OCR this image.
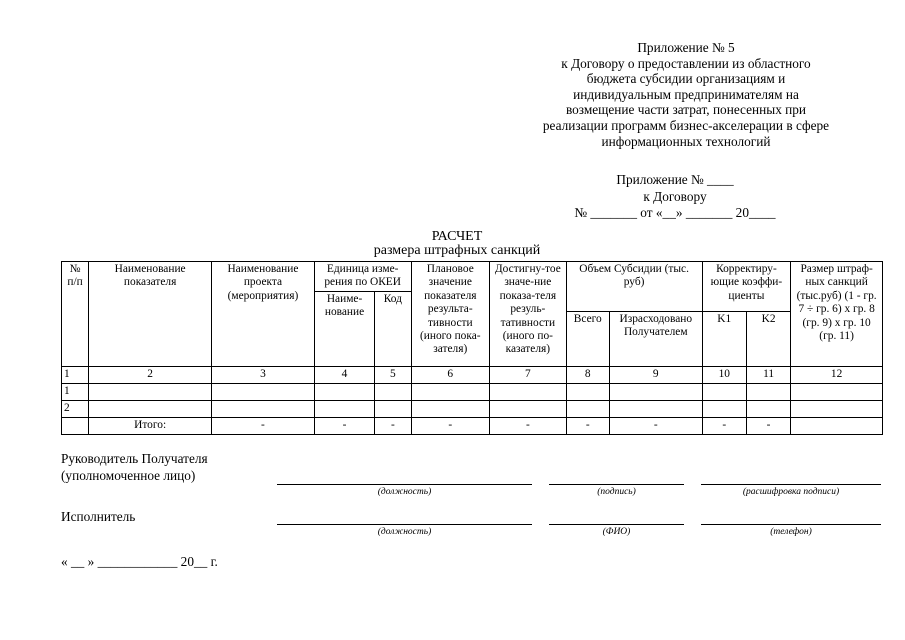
Приложение № 5
к Договору о предоставлении из областного
бюджета субсидии организациям и
индивидуальным предпринимателям на
возмещение части затрат, понесенных при
реализации программ бизнес-акселерации в сфере
информационных технологий
Приложение № ____
к Договору
№ _______ от «__» _______ 20____
РАСЧЕТ
размера штрафных санкций
№ п/п	Наименование показателя	Наименование проекта (мероприятия)	Единица изме-рения по ОКЕИ		Плановое значение показателя результа-тивности (иного пока-зателя)	Достигну-тое значе-ние показа-теля резуль-тативности (иного по-казателя)	Объем Субсидии (тыс. руб)		Корректиру-ющие коэффи-циенты		Размер штраф-ных санкций (тыс.руб) (1 - гр. 7 ÷ гр. 6) x гр. 8 (гр. 9) x гр. 10 (гр. 11)
			Наиме-нование	Код							
							Всего	Израсходовано Получателем	K1	K2	
1	2	3	4	5	6	7	8	9	10	11	12
1											
2											
	Итого:	-	-	-	-	-	-	-	-	-	
Руководитель Получателя
(уполномоченное лицо)
(должность)	(подпись)	(расшифровка подписи)
Исполнитель
(должность)	(ФИО)	(телефон)
« __ » ____________ 20__ г.
